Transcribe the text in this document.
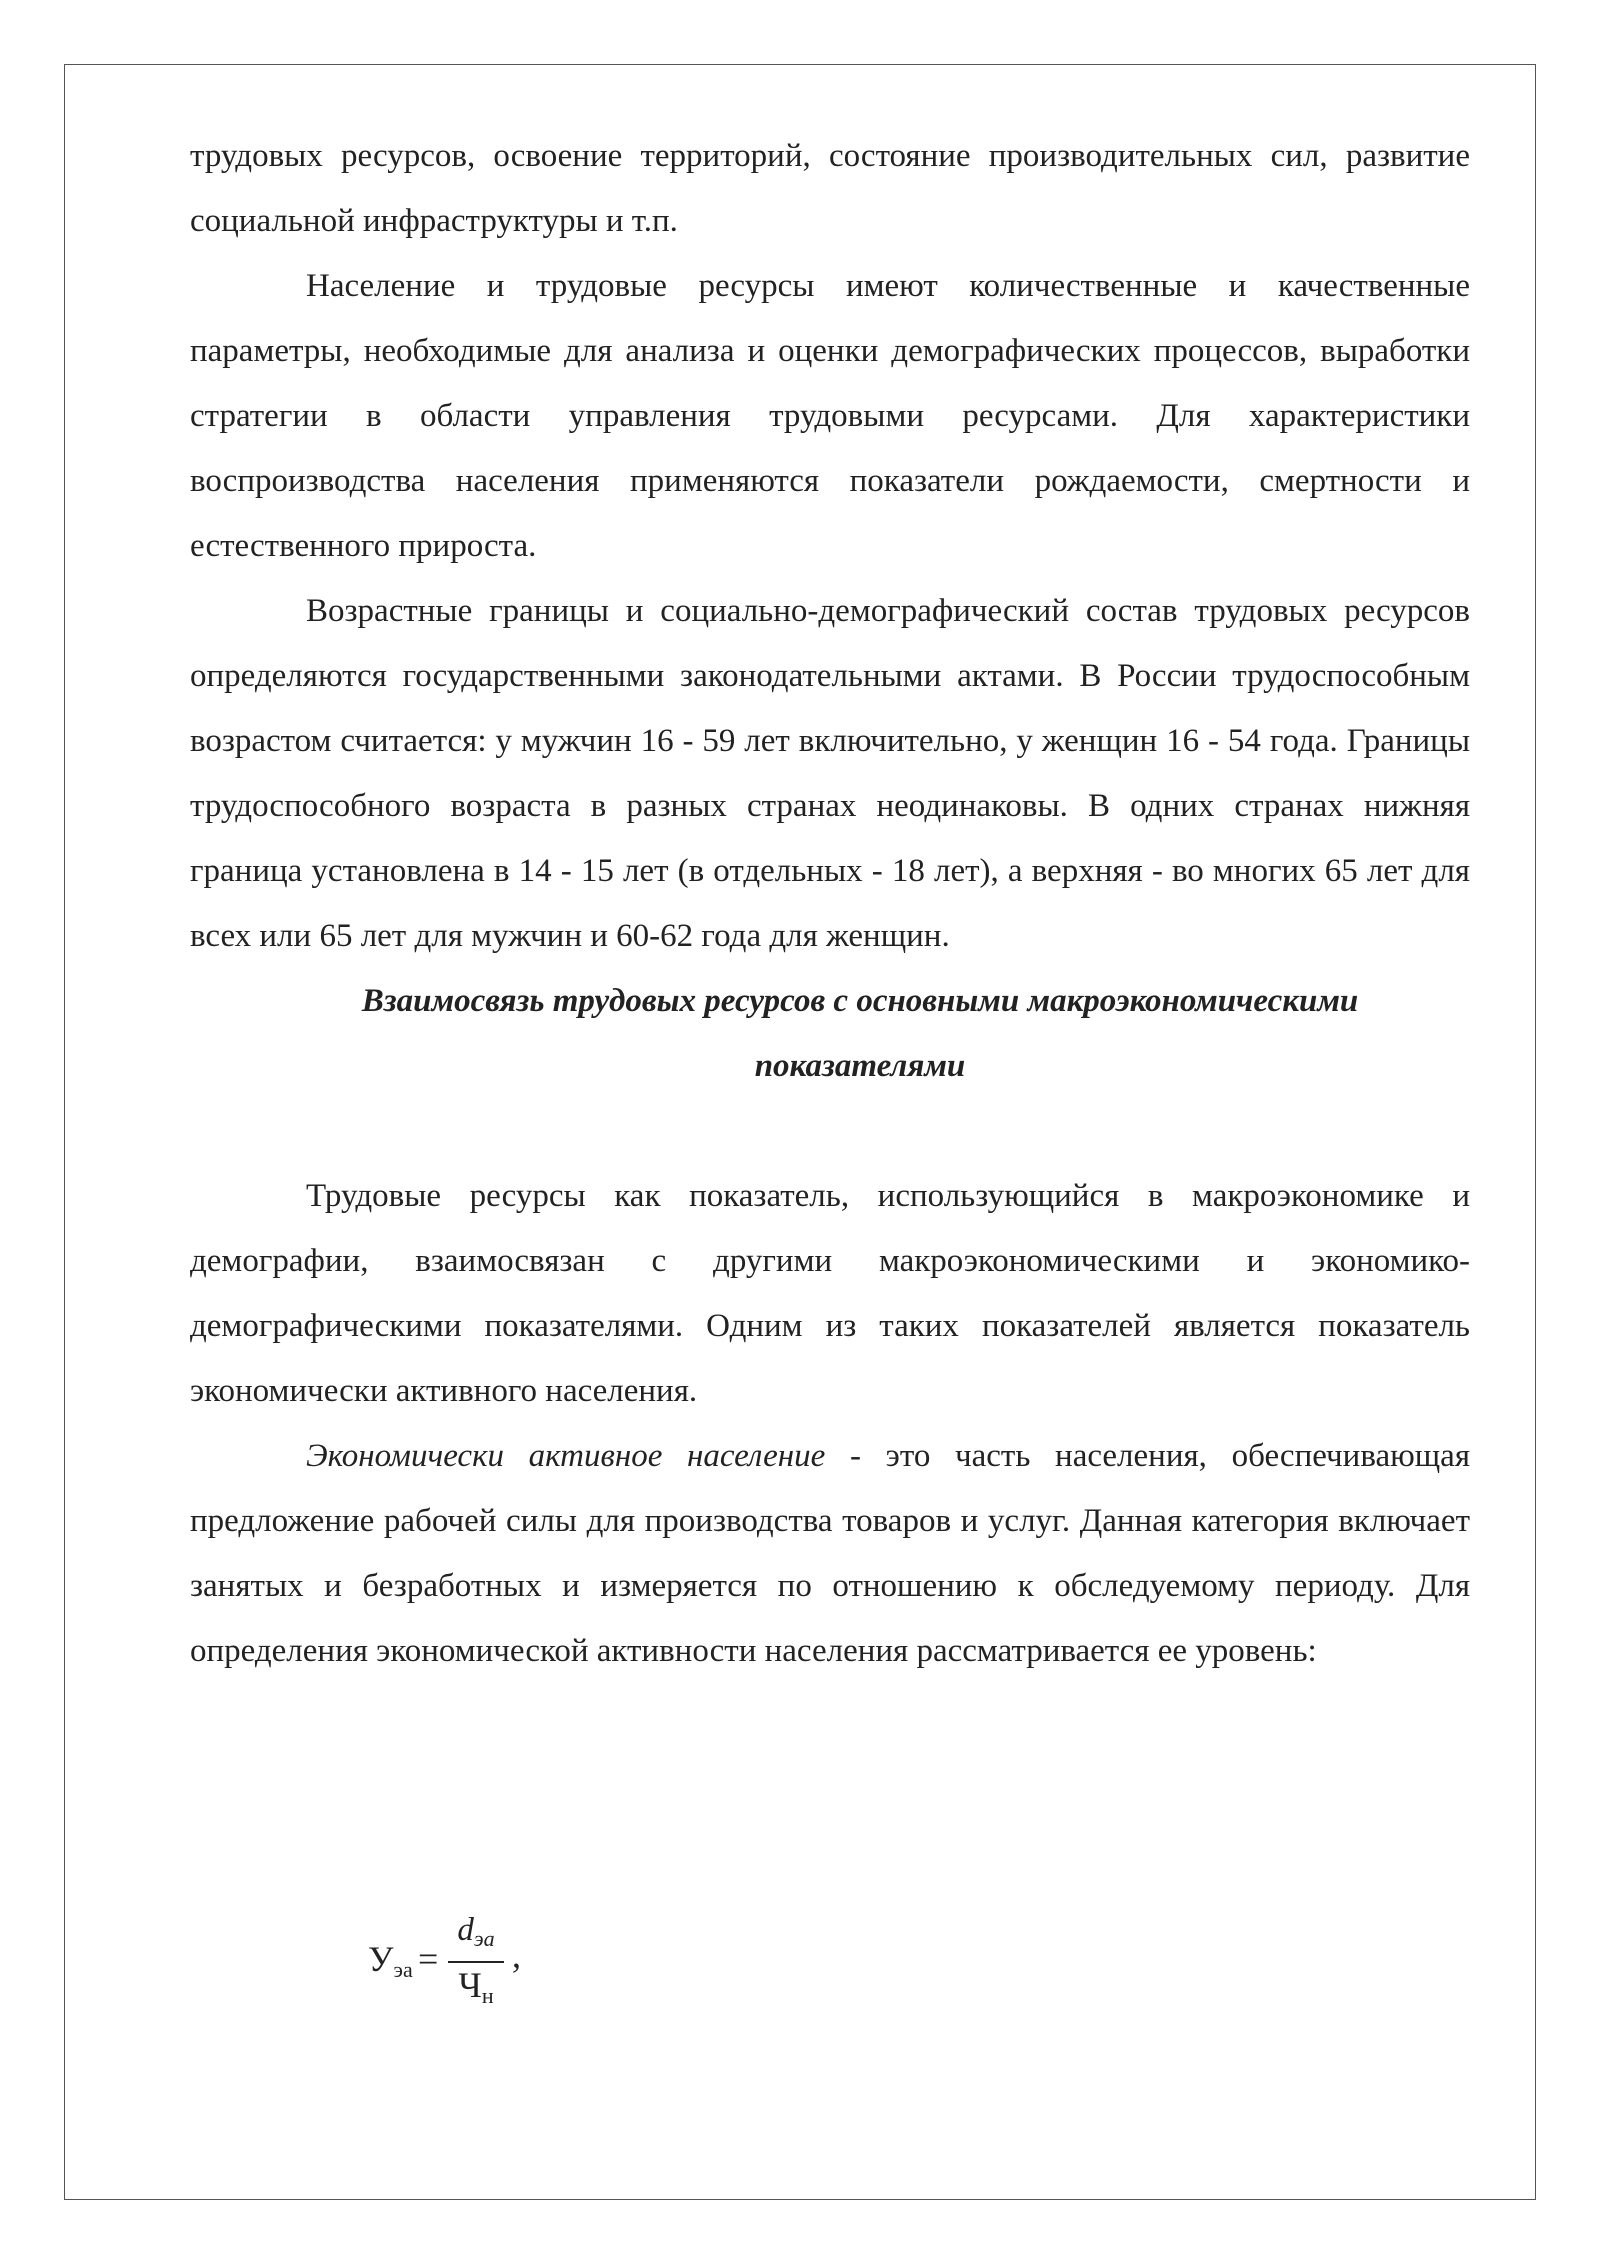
трудовых ресурсов, освоение территорий, состояние производительных сил, развитие социальной инфраструктуры и т.п.

Население и трудовые ресурсы имеют количественные и качественные параметры, необходимые для анализа и оценки демографических процессов, выработки стратегии в области управления трудовыми ресурсами. Для характеристики воспроизводства населения применяются показатели рождаемости, смертности и естественного прироста.

Возрастные границы и социально-демографический состав трудовых ресурсов определяются государственными законодательными актами. В России трудоспособным возрастом считается: у мужчин 16 - 59 лет включительно, у женщин 16 - 54 года. Границы трудоспособного возраста в разных странах неодинаковы. В одних странах нижняя граница установлена в 14 - 15 лет (в отдельных - 18 лет), а верхняя - во многих 65 лет для всех или 65 лет для мужчин и 60-62 года для женщин.

Взаимосвязь трудовых ресурсов с основными макроэкономическими
показателями

Трудовые ресурсы как показатель, использующийся в макроэкономике и демографии, взаимосвязан с другими макроэкономическими и экономико-демографическими показателями. Одним из таких показателей является показатель экономически активного населения.

Экономически активное население - это часть населения, обеспечивающая предложение рабочей силы для производства товаров и услуг. Данная категория включает занятых и безработных и измеряется по отношению к обследуемому периоду. Для определения экономической активности населения рассматривается ее уровень:

$У_{эа}$ =
$d_{эа}$
$Ч_н$
,
